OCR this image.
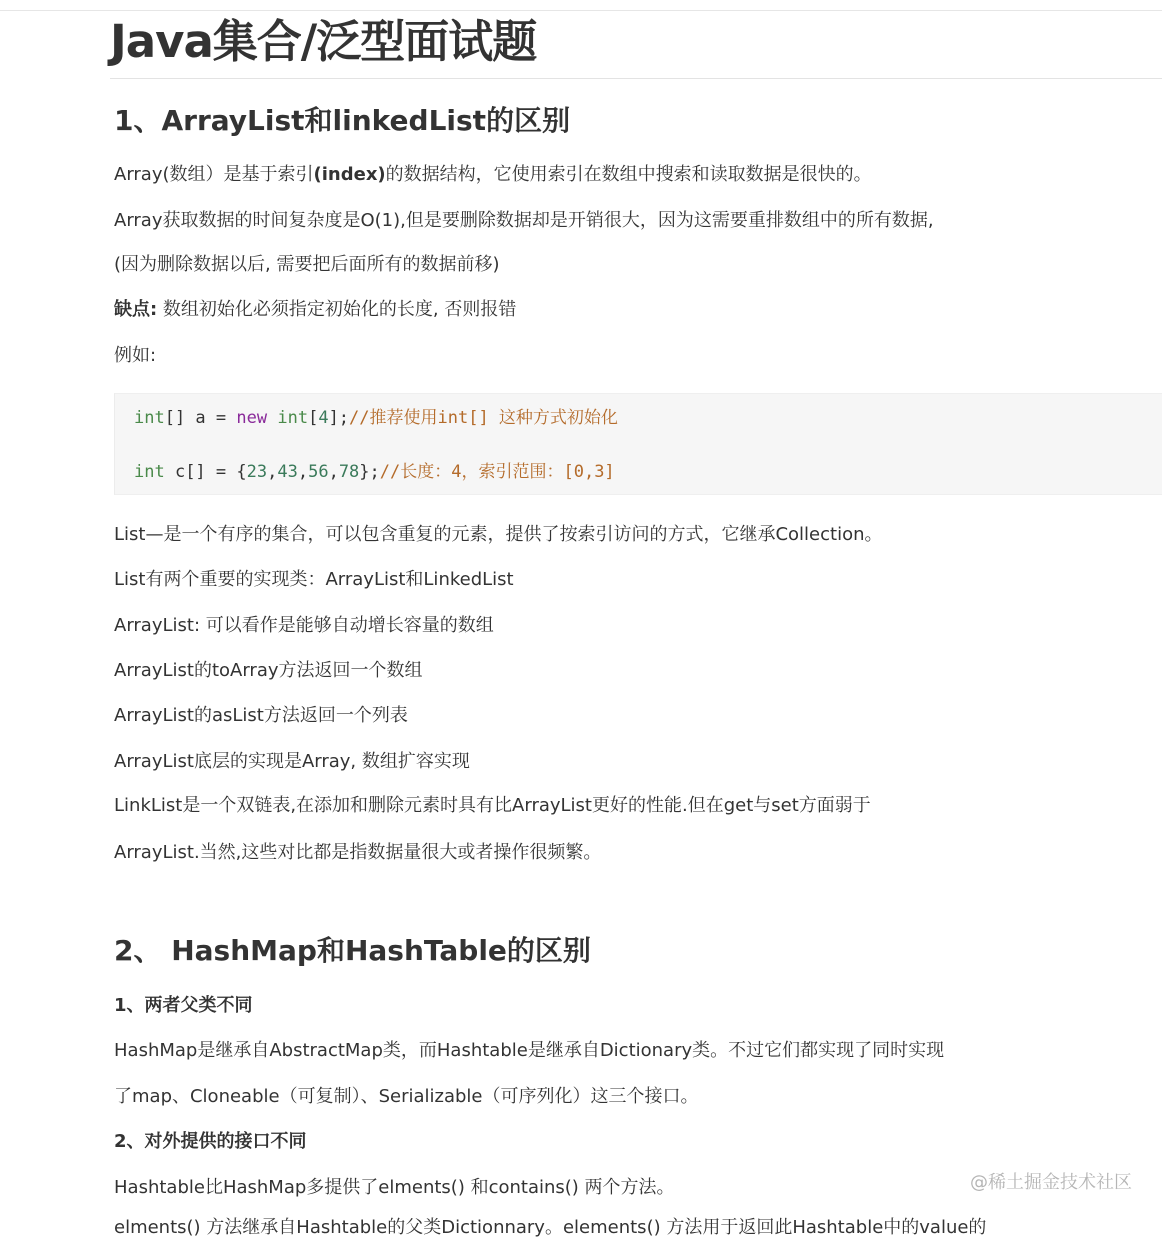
Java集合/泛型面试题
1、ArrayList和linkedList的区别

Array(数组）是基于索引(index)的数据结构，它使用索引在数组中搜索和读取数据是很快的。

Array获取数据的时间复杂度是O(1),但是要删除数据却是开销很大，因为这需要重排数组中的所有数据,

(因为删除数据以后, 需要把后面所有的数据前移)

缺点: 数组初始化必须指定初始化的长度, 否则报错

例如:

int[] a = new int[4];//推荐使用int[] 这种方式初始化
int c[] = {23,43,56,78};//长度：4，索引范围：[0,3]

List—是一个有序的集合，可以包含重复的元素，提供了按索引访问的方式，它继承Collection。

List有两个重要的实现类：ArrayList和LinkedList

ArrayList: 可以看作是能够自动增长容量的数组

ArrayList的toArray方法返回一个数组

ArrayList的asList方法返回一个列表

ArrayList底层的实现是Array, 数组扩容实现

LinkList是一个双链表,在添加和删除元素时具有比ArrayList更好的性能.但在get与set方面弱于

ArrayList.当然,这些对比都是指数据量很大或者操作很频繁。

2、 HashMap和HashTable的区别
1、两者父类不同

HashMap是继承自AbstractMap类，而Hashtable是继承自Dictionary类。不过它们都实现了同时实现

了map、Cloneable（可复制）、Serializable（可序列化）这三个接口。

2、对外提供的接口不同

Hashtable比HashMap多提供了elments() 和contains() 两个方法。

elments() 方法继承自Hashtable的父类Dictionnary。elements() 方法用于返回此Hashtable中的value的
@稀土掘金技术社区
